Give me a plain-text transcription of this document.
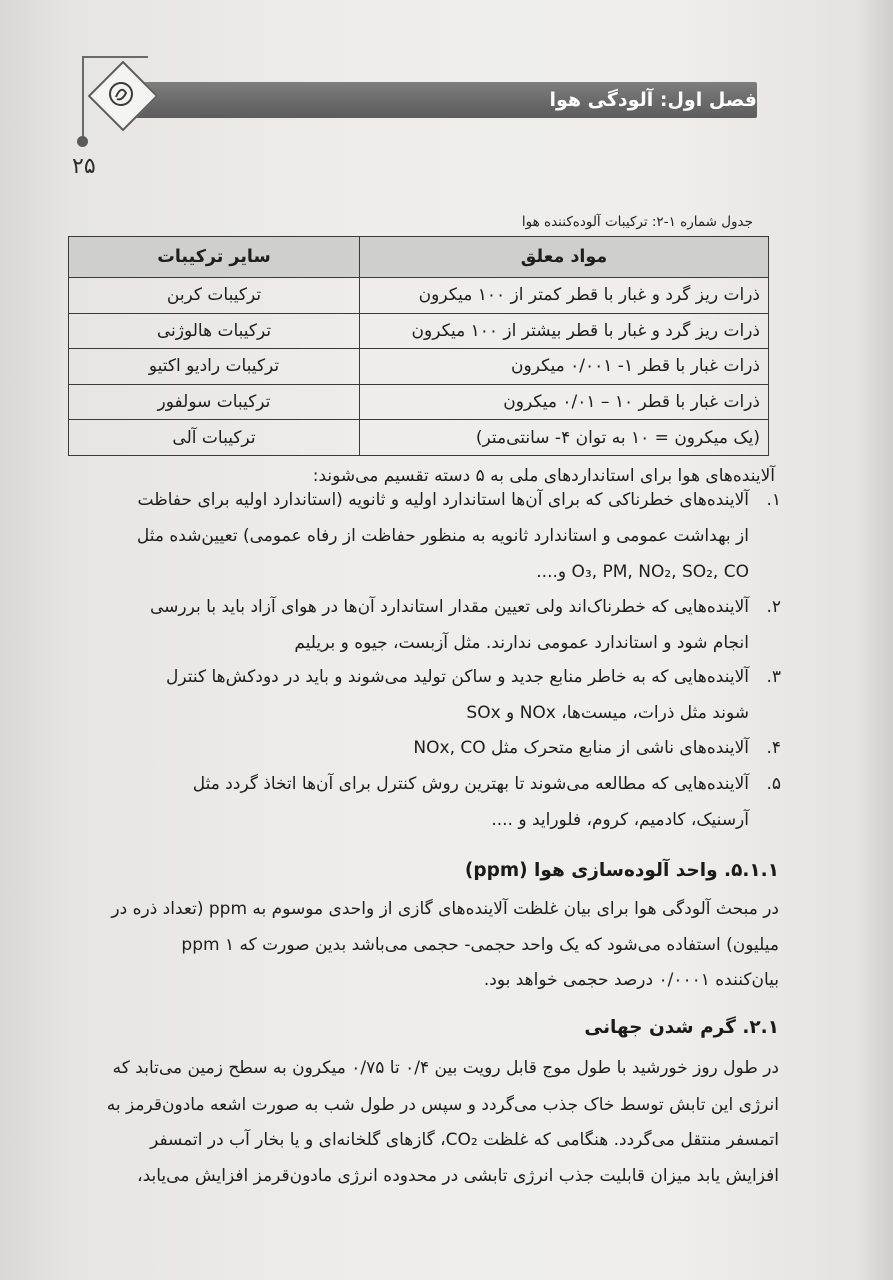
فصل اول: آلودگی هوا
۲۵
جدول شماره ۱-۲: ترکیبات آلوده‌کننده هوا
مواد معلق	سایر ترکیبات
ذرات ریز گرد و غبار با قطر کمتر از ۱۰۰ میکرون	ترکیبات کربن
ذرات ریز گرد و غبار با قطر بیشتر از ۱۰۰ میکرون	ترکیبات هالوژنی
ذرات غبار با قطر ۱- ۰/۰۰۱ میکرون	ترکیبات رادیو اکتیو
ذرات غبار با قطر ۱۰ – ۰/۰۱ میکرون	ترکیبات سولفور
(یک میکرون = ۱۰ به توان ۴- سانتی‌متر)	ترکیبات آلی
آلاینده‌های هوا برای استانداردهای ملی به ۵ دسته تقسیم می‌شوند:
۱.
آلاینده‌های خطرناکی که برای آن‌ها استاندارد اولیه و ثانویه (استاندارد اولیه برای حفاظت
از بهداشت عمومی و استاندارد ثانویه به منظور حفاظت از رفاه عمومی) تعیین‌شده مثل
O₃, PM, NO₂, SO₂, CO و....
۲.
آلاینده‌هایی که خطرناک‌اند ولی تعیین مقدار استاندارد آن‌ها در هوای آزاد باید با بررسی
انجام شود و استاندارد عمومی ندارند. مثل آزبست، جیوه و بریلیم
۳.
آلاینده‌هایی که به خاطر منابع جدید و ساکن تولید می‌شوند و باید در دودکش‌ها کنترل
شوند مثل ذرات، میست‌ها، NOx و SOx
۴.
آلاینده‌های ناشی از منابع متحرک مثل NOx, CO
۵.
آلاینده‌هایی که مطالعه می‌شوند تا بهترین روش کنترل برای آن‌ها اتخاذ گردد مثل
آرسنیک، کادمیم، کروم، فلوراید و ....
۵.۱.۱. واحد آلوده‌سازی هوا (ppm)
در مبحث آلودگی هوا برای بیان غلظت آلاینده‌های گازی از واحدی موسوم به ppm (تعداد ذره در
میلیون) استفاده می‌شود که یک واحد حجمی- حجمی می‌باشد بدین صورت که ppm ۱
بیان‌کننده ۰/۰۰۰۱ درصد حجمی خواهد بود.
۲.۱. گرم شدن جهانی
در طول روز خورشید با طول موج قابل رویت بین ۰/۴ تا ۰/۷۵ میکرون به سطح زمین می‌تابد که
انرژی این تابش توسط خاک جذب می‌گردد و سپس در طول شب به صورت اشعه مادون‌قرمز به
اتمسفر منتقل می‌گردد. هنگامی که غلظت CO₂، گازهای گلخانه‌ای و یا بخار آب در اتمسفر
افزایش یابد میزان قابلیت جذب انرژی تابشی در محدوده انرژی مادون‌قرمز افزایش می‌یابد،
